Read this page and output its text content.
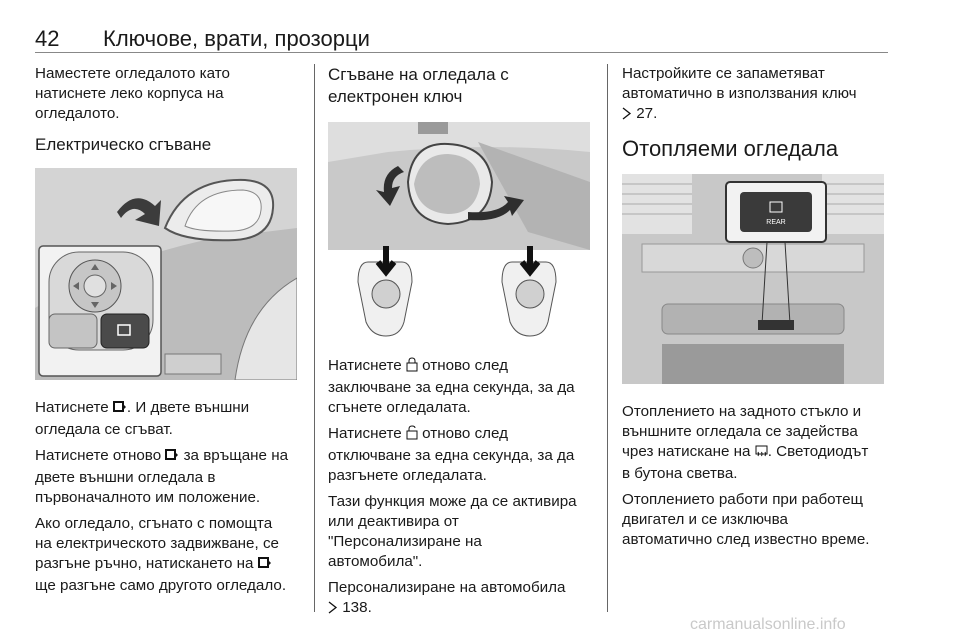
42 Ключове, врати, прозорци
Наместете огледалото като
натиснете леко корпуса на
огледалото.
Електрическо сгъване
Натиснете . И двете външни
огледала се сгъват.
Натиснете отново  за връщане на
двете външни огледала в
първоначалното им положение.
Ако огледало, сгънато с помощта
на електрическото задвижване, се
разгъне ръчно, натискането на
ще разгъне само другото огледало.
Сгъване на огледала с
електронен ключ
Натиснете  отново след
заключване за една секунда, за да
сгънете огледалата.
Натиснете  отново след
отключване за една секунда, за да
разгънете огледалата.
Тази функция може да се активира
или деактивира от
"Персонализиране на
автомобила".
Персонализиране на автомобила
138.
Настройките се запаметяват
автоматично в използвания ключ
27.
Отопляеми огледала
REAR
Отоплението на задното стъкло и
външните огледала се задейства
чрез натискане на . Светодиодът
в бутона светва.
Отоплението работи при работещ
двигател и се изключва
автоматично след известно време.
carmanualsonline.info
